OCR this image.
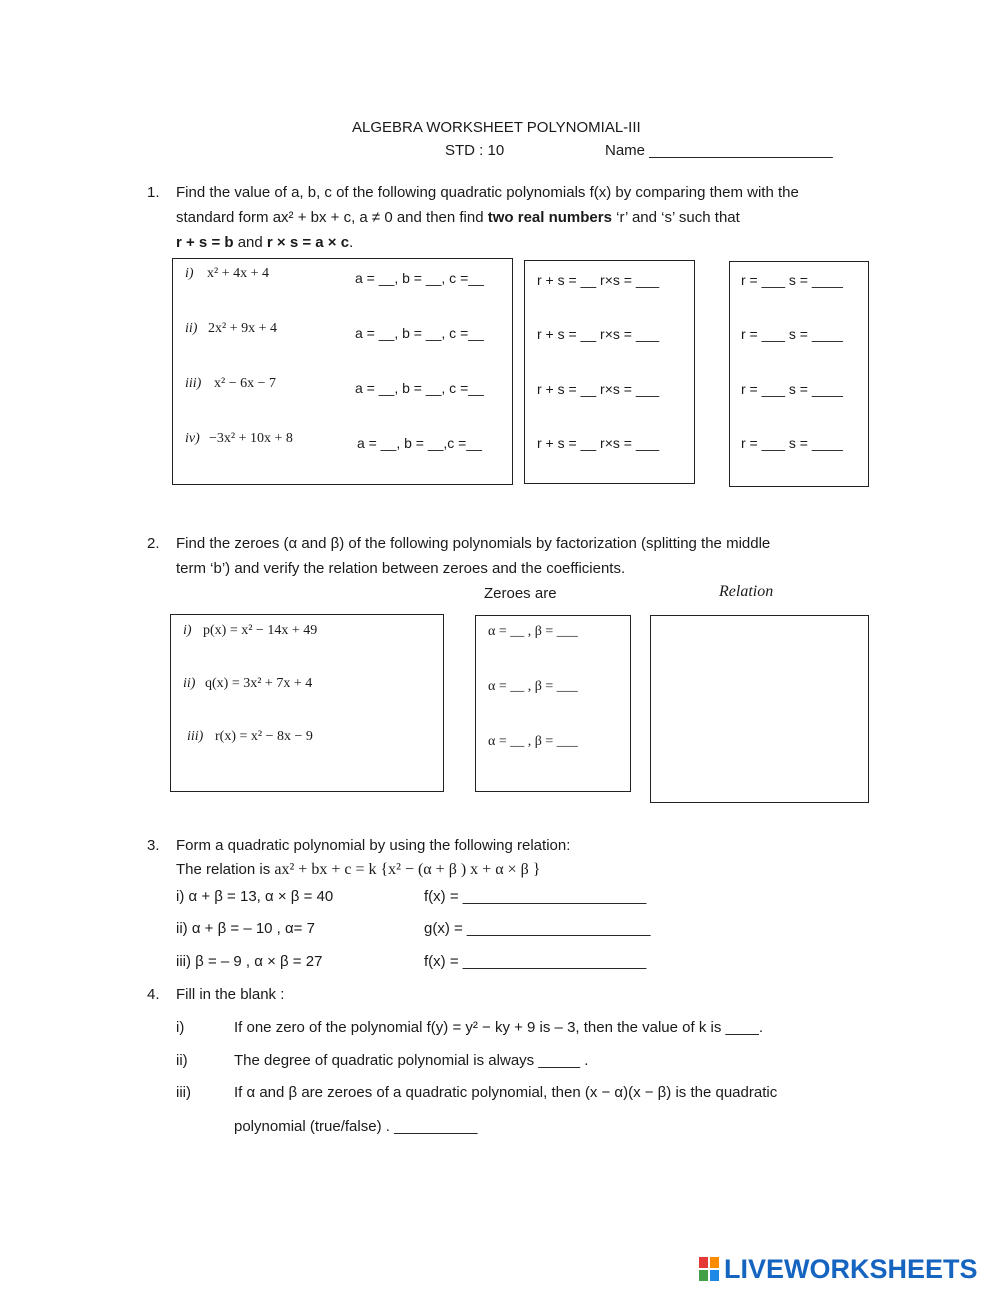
ALGEBRA WORKSHEET POLYNOMIAL-III
STD : 10	Name ______________________
1. Find the value of a, b, c of the following quadratic polynomials f(x) by comparing them with the
standard form ax² + bx + c, a ≠ 0 and then find two real numbers ‘r’ and ‘s’ such that
r + s = b and r × s = a × c.
i) x² + 4x + 4	a = __, b = __, c =__	r + s = __ r×s = ___	r = ___ s = ____
ii) 2x² + 9x + 4	a = __, b = __, c =__	r + s = __ r×s = ___	r = ___ s = ____
iii) x² − 6x − 7	a = __, b = __, c =__	r + s = __ r×s = ___	r = ___ s = ____
iv) −3x² + 10x + 8	a = __, b = __,c =__	r + s = __ r×s = ___	r = ___ s = ____
2. Find the zeroes (α and β) of the following polynomials by factorization (splitting the middle
term ‘b’) and verify the relation between zeroes and the coefficients.
Zeroes are	Relation
i) p(x) = x² − 14x + 49	α = __ , β = ___
ii) q(x) = 3x² + 7x + 4	α = __ , β = ___
iii) r(x) = x² − 8x − 9	α = __ , β = ___
3. Form a quadratic polynomial by using the following relation:
The relation is ax² + bx + c = k {x² − (α + β ) x + α × β }
i) α + β = 13, α × β = 40	f(x) = ______________________
ii) α + β = – 10 , α= 7	g(x) = ______________________
iii) β = – 9 , α × β = 27	f(x) = ______________________
4. Fill in the blank :
i)	If one zero of the polynomial f(y) = y² − ky + 9 is – 3, then the value of k is ____.
ii)	The degree of quadratic polynomial is always _____ .
iii)	If α and β are zeroes of a quadratic polynomial, then (x − α)(x − β) is the quadratic
polynomial (true/false) . __________
LIVEWORKSHEETS
